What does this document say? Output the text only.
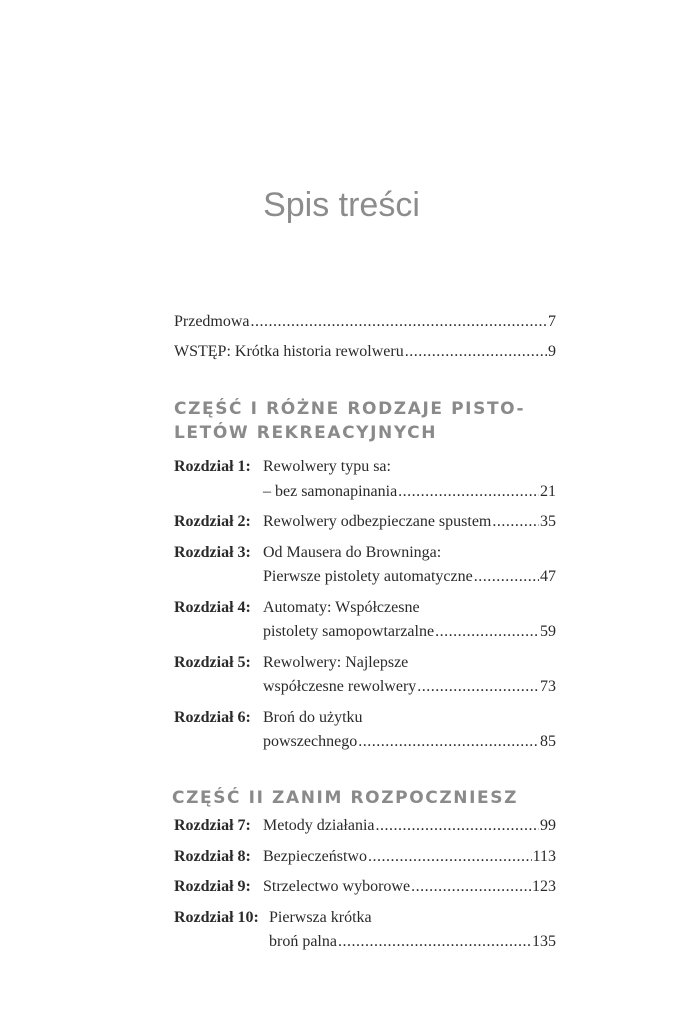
Spis treści
Przedmowa .....	7
WSTĘP: Krótka historia rewolweru .....	9
CZĘŚĆ I RÓŻNE RODZAJE PISTO-
LETÓW REKREACYJNYCH
Rozdział 1: Rewolwery typu sa:
– bez samonapinania .....	21
Rozdział 2: Rewolwery odbezpieczane spustem .....	35
Rozdział 3: Od Mausera do Browninga:
Pierwsze pistolety automatyczne .....	47
Rozdział 4: Automaty: Współczesne
pistolety samopowtarzalne .....	59
Rozdział 5: Rewolwery: Najlepsze
współczesne rewolwery .....	73
Rozdział 6: Broń do użytku
powszechnego .....	85
CZĘŚĆ II ZANIM ROZPOCZNIESZ
Rozdział 7: Metody działania .....	99
Rozdział 8: Bezpieczeństwo .....	113
Rozdział 9: Strzelectwo wyborowe .....	123
Rozdział 10: Pierwsza krótka
broń palna .....	135
